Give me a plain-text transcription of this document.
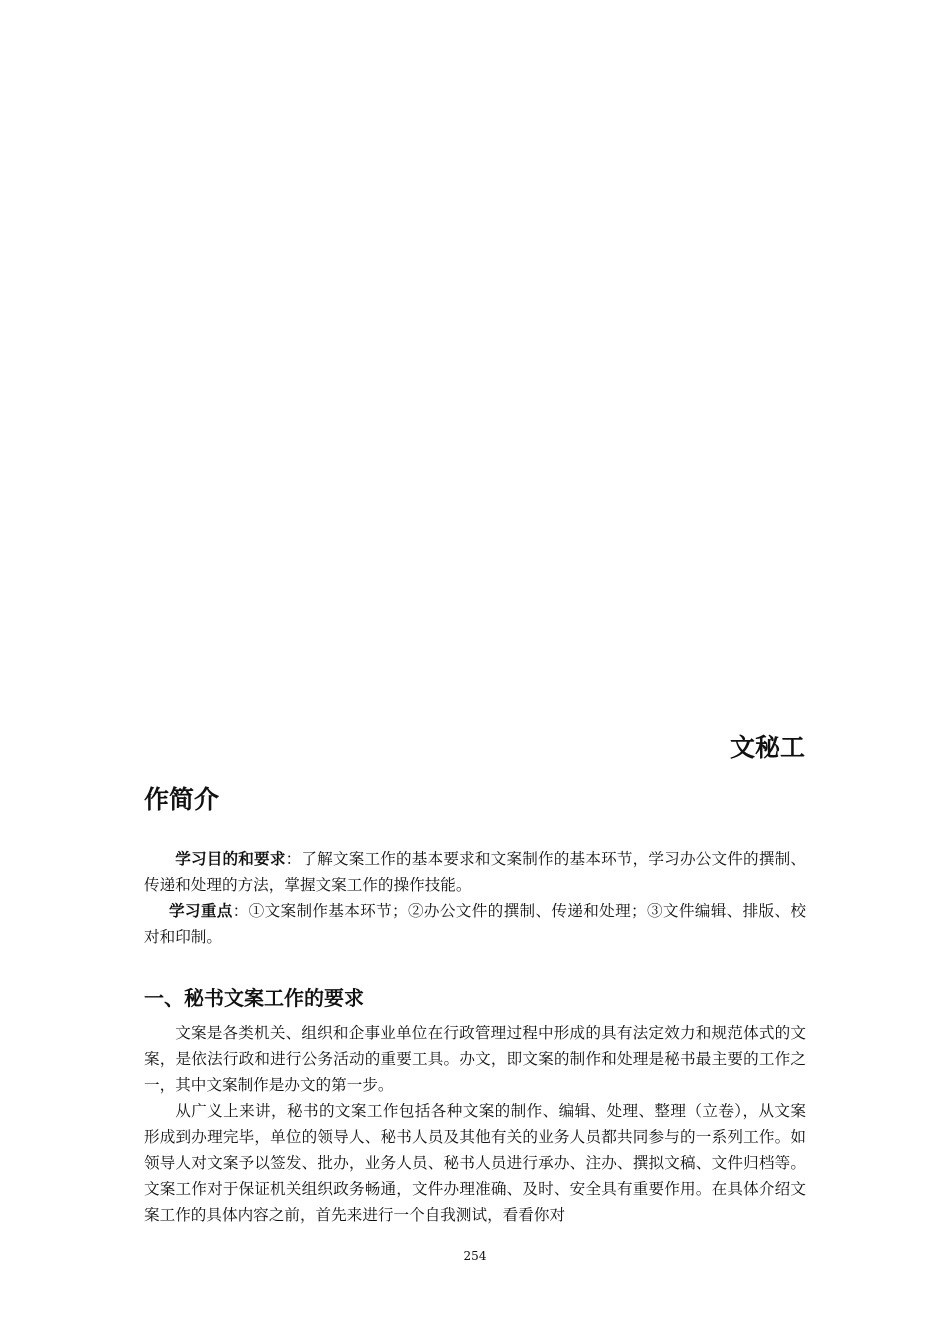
文秘工
作简介

学习目的和要求：了解文案工作的基本要求和文案制作的基本环节，学习办公文件的撰制、传递和处理的方法，掌握文案工作的操作技能。

学习重点：①文案制作基本环节；②办公文件的撰制、传递和处理；③文件编辑、排版、校对和印制。

一、秘书文案工作的要求

文案是各类机关、组织和企事业单位在行政管理过程中形成的具有法定效力和规范体式的文案，是依法行政和进行公务活动的重要工具。办文，即文案的制作和处理是秘书最主要的工作之一，其中文案制作是办文的第一步。

从广义上来讲，秘书的文案工作包括各种文案的制作、编辑、处理、整理（立卷），从文案形成到办理完毕，单位的领导人、秘书人员及其他有关的业务人员都共同参与的一系列工作。如领导人对文案予以签发、批办，业务人员、秘书人员进行承办、注办、撰拟文稿、文件归档等。文案工作对于保证机关组织政务畅通，文件办理准确、及时、安全具有重要作用。在具体介绍文案工作的具体内容之前，首先来进行一个自我测试，看看你对

254
